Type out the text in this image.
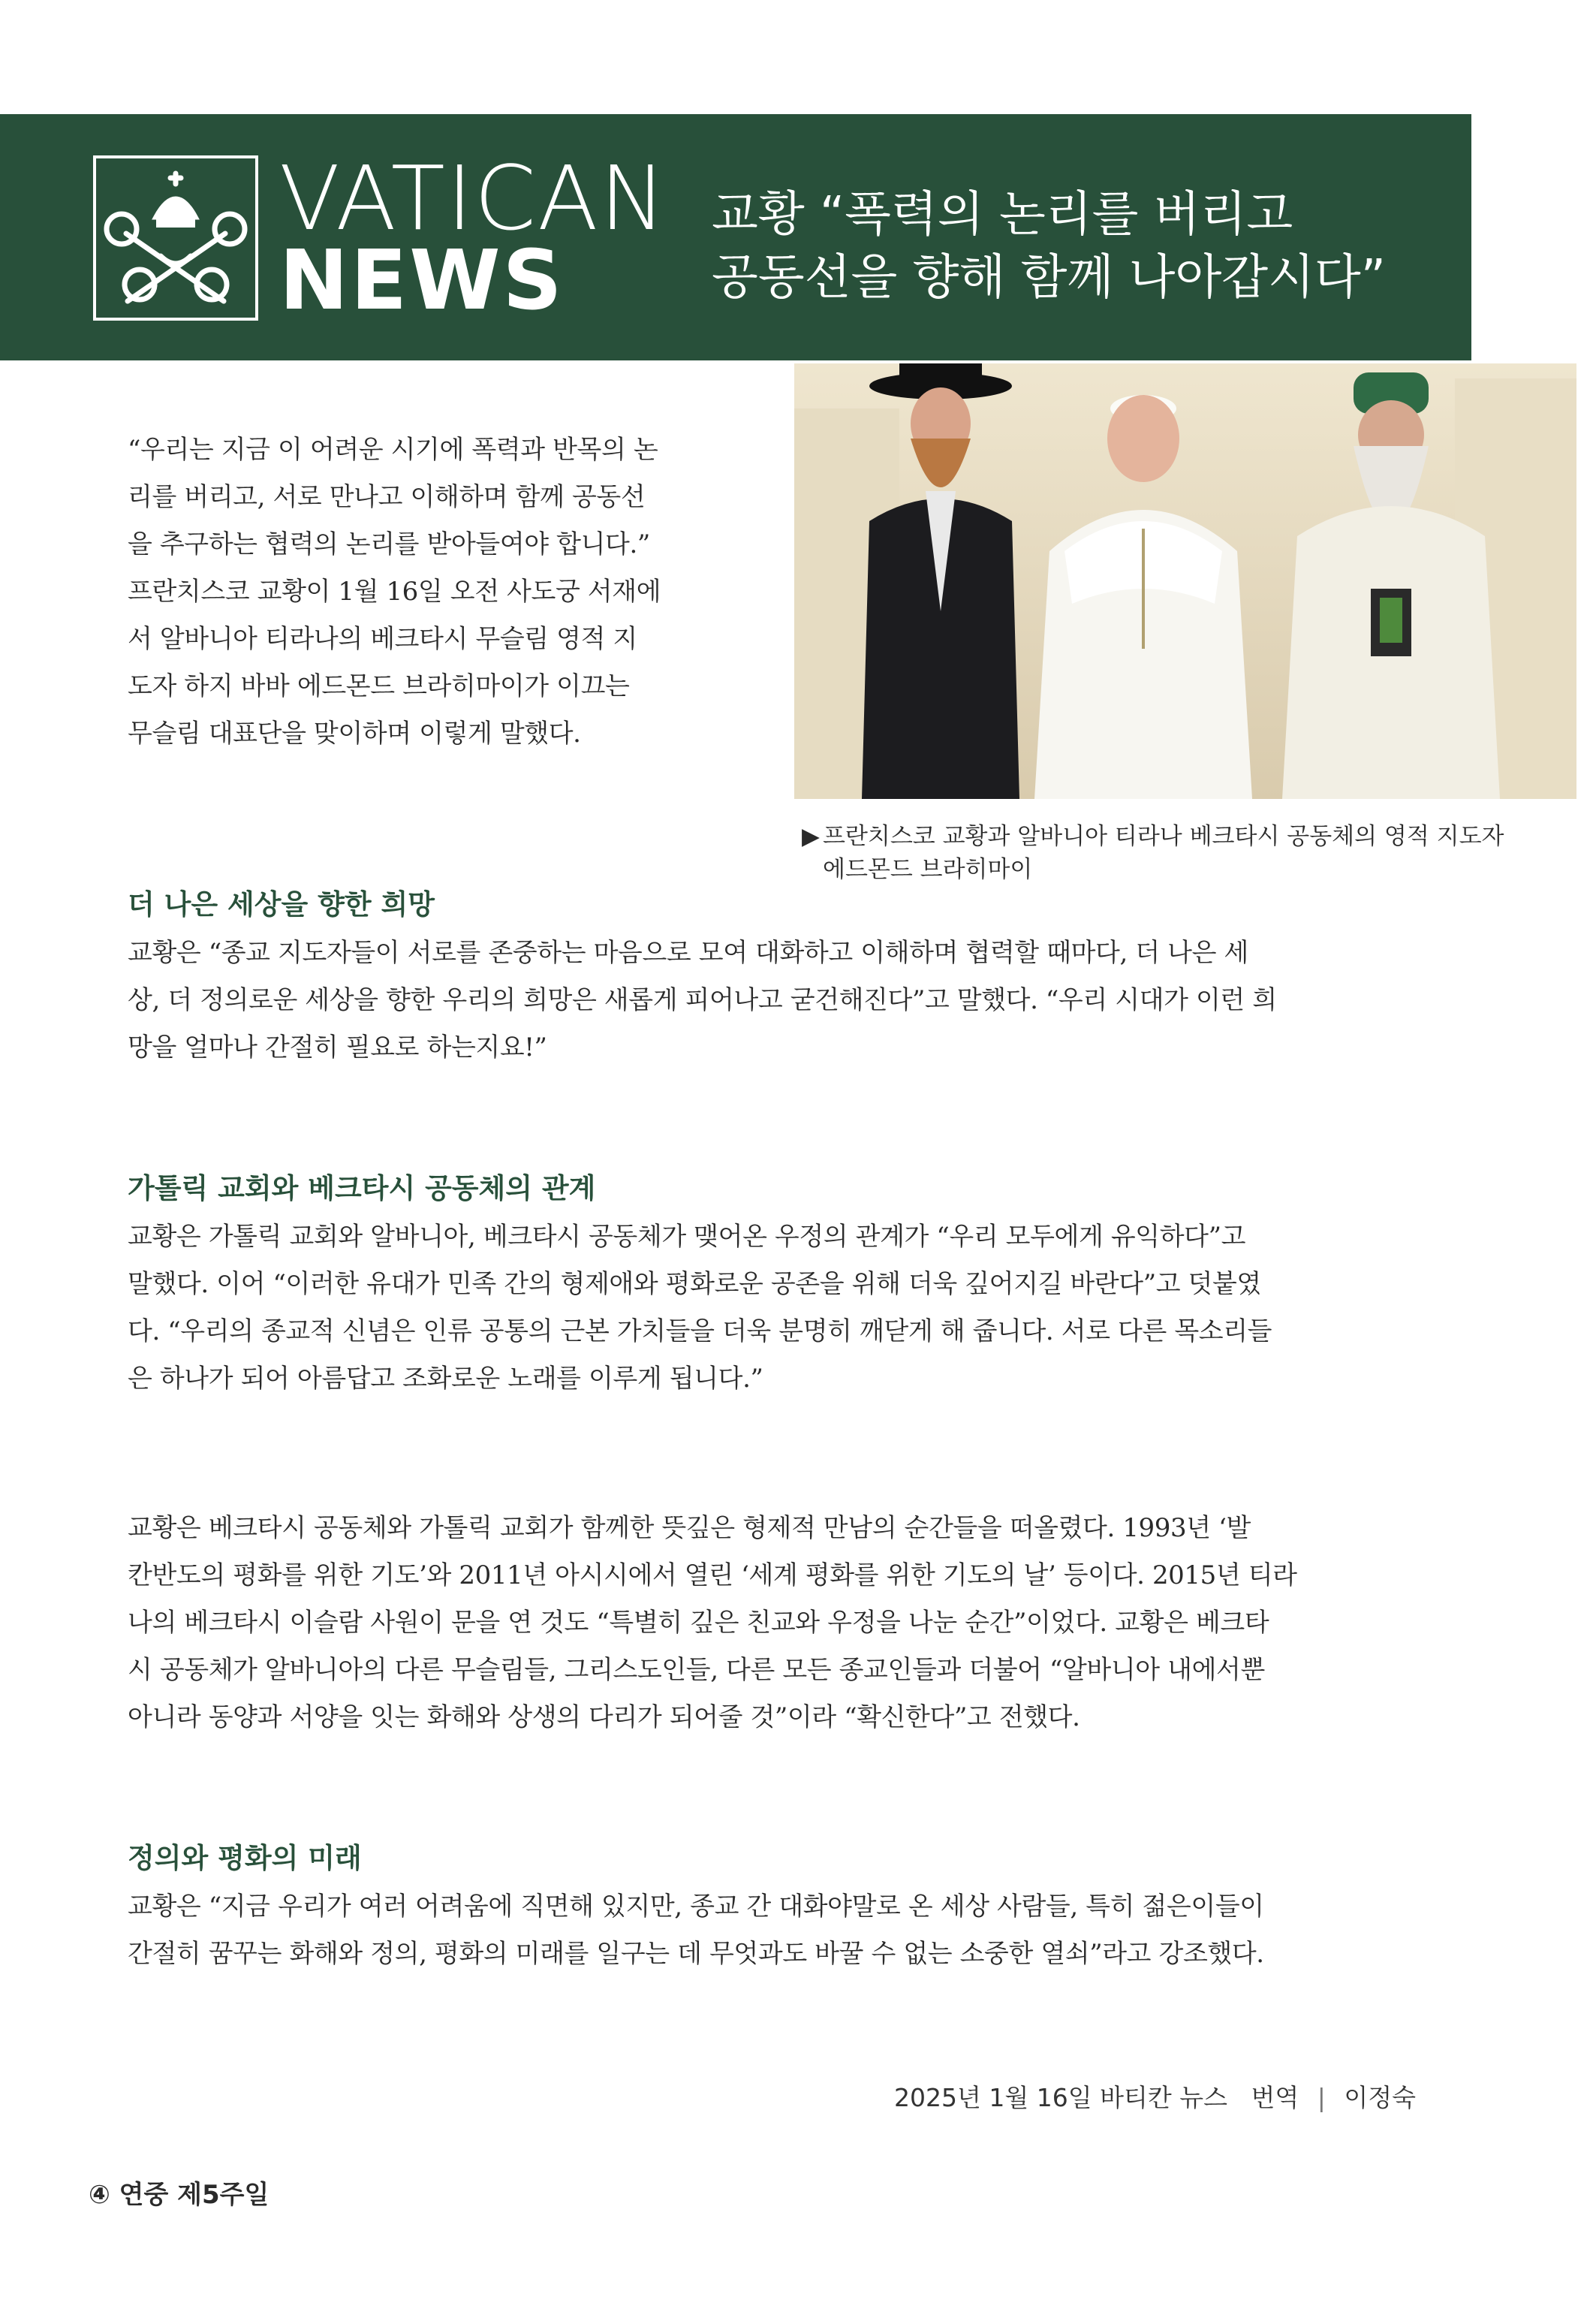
VATICAN
NEWS
교황 “폭력의 논리를 버리고
공동선을 향해 함께 나아갑시다”
▶ 프란치스코 교황과 알바니아 티라나 베크타시 공동체의 영적 지도자
에드몬드 브라히마이
“우리는 지금 이 어려운 시기에 폭력과 반목의 논
리를 버리고, 서로 만나고 이해하며 함께 공동선
을 추구하는 협력의 논리를 받아들여야 합니다.”
프란치스코 교황이 1월 16일 오전 사도궁 서재에
서 알바니아 티라나의 베크타시 무슬림 영적 지
도자 하지 바바 에드몬드 브라히마이가 이끄는
무슬림 대표단을 맞이하며 이렇게 말했다.
더 나은 세상을 향한 희망
교황은 “종교 지도자들이 서로를 존중하는 마음으로 모여 대화하고 이해하며 협력할 때마다, 더 나은 세
상, 더 정의로운 세상을 향한 우리의 희망은 새롭게 피어나고 굳건해진다”고 말했다. “우리 시대가 이런 희
망을 얼마나 간절히 필요로 하는지요!”
가톨릭 교회와 베크타시 공동체의 관계
교황은 가톨릭 교회와 알바니아, 베크타시 공동체가 맺어온 우정의 관계가 “우리 모두에게 유익하다”고
말했다. 이어 “이러한 유대가 민족 간의 형제애와 평화로운 공존을 위해 더욱 깊어지길 바란다”고 덧붙였
다. “우리의 종교적 신념은 인류 공통의 근본 가치들을 더욱 분명히 깨닫게 해 줍니다. 서로 다른 목소리들
은 하나가 되어 아름답고 조화로운 노래를 이루게 됩니다.”
교황은 베크타시 공동체와 가톨릭 교회가 함께한 뜻깊은 형제적 만남의 순간들을 떠올렸다. 1993년 ‘발
칸반도의 평화를 위한 기도’와 2011년 아시시에서 열린 ‘세계 평화를 위한 기도의 날’ 등이다. 2015년 티라
나의 베크타시 이슬람 사원이 문을 연 것도 “특별히 깊은 친교와 우정을 나눈 순간”이었다. 교황은 베크타
시 공동체가 알바니아의 다른 무슬림들, 그리스도인들, 다른 모든 종교인들과 더불어 “알바니아 내에서뿐
아니라 동양과 서양을 잇는 화해와 상생의 다리가 되어줄 것”이라 “확신한다”고 전했다.
정의와 평화의 미래
교황은 “지금 우리가 여러 어려움에 직면해 있지만, 종교 간 대화야말로 온 세상 사람들, 특히 젊은이들이
간절히 꿈꾸는 화해와 정의, 평화의 미래를 일구는 데 무엇과도 바꿀 수 없는 소중한 열쇠”라고 강조했다.
2025년 1월 16일 바티칸 뉴스 번역 | 이정숙
④ 연중 제5주일
